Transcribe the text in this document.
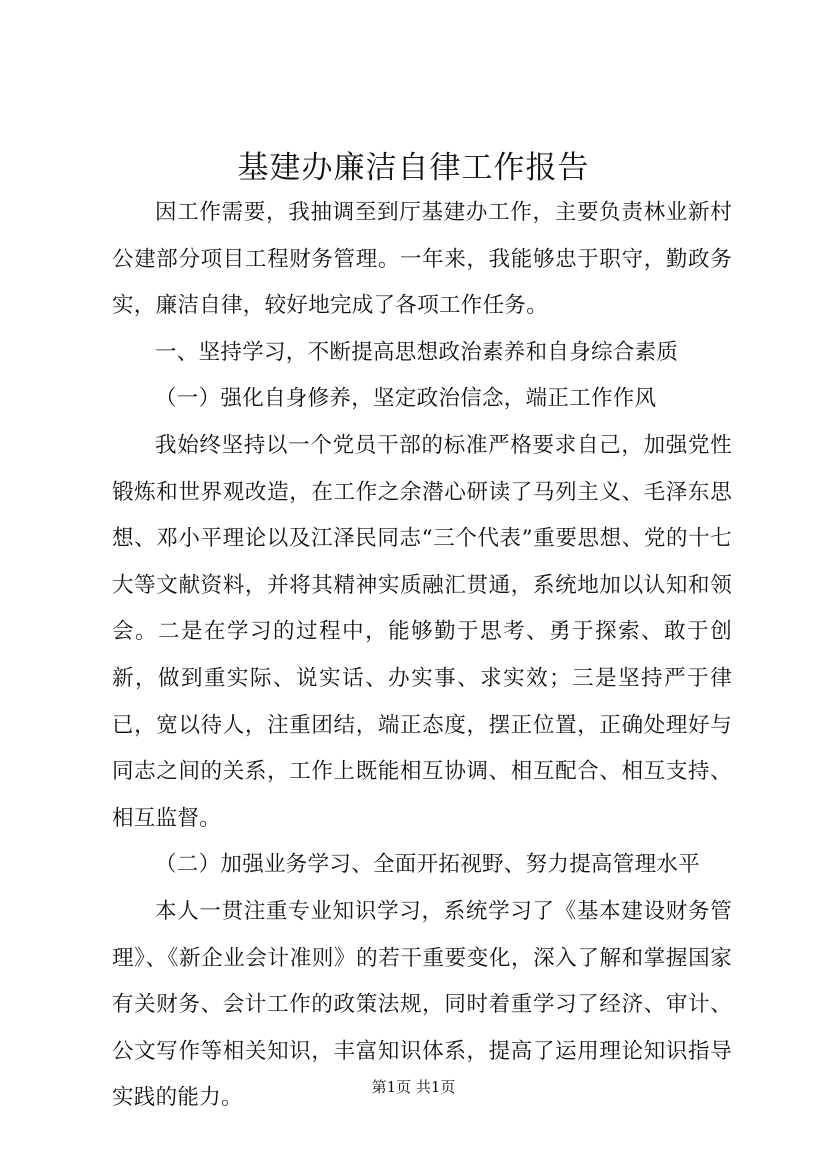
基建办廉洁自律工作报告

因工作需要，我抽调至到厅基建办工作，主要负责林业新村公建部分项目工程财务管理。一年来，我能够忠于职守，勤政务实，廉洁自律，较好地完成了各项工作任务。

一、坚持学习，不断提高思想政治素养和自身综合素质

（一）强化自身修养，坚定政治信念，端正工作作风

我始终坚持以一个党员干部的标准严格要求自己，加强党性锻炼和世界观改造，在工作之余潜心研读了马列主义、毛泽东思想、邓小平理论以及江泽民同志“三个代表”重要思想、党的十七大等文献资料，并将其精神实质融汇贯通，系统地加以认知和领会。二是在学习的过程中，能够勤于思考、勇于探索、敢于创新，做到重实际、说实话、办实事、求实效；三是坚持严于律已，宽以待人，注重团结，端正态度，摆正位置，正确处理好与同志之间的关系，工作上既能相互协调、相互配合、相互支持、相互监督。

（二）加强业务学习、全面开拓视野、努力提高管理水平

本人一贯注重专业知识学习，系统学习了《基本建设财务管理》、《新企业会计准则》的若干重要变化，深入了解和掌握国家有关财务、会计工作的政策法规，同时着重学习了经济、审计、公文写作等相关知识，丰富知识体系，提高了运用理论知识指导实践的能力。	第1页 共1页
